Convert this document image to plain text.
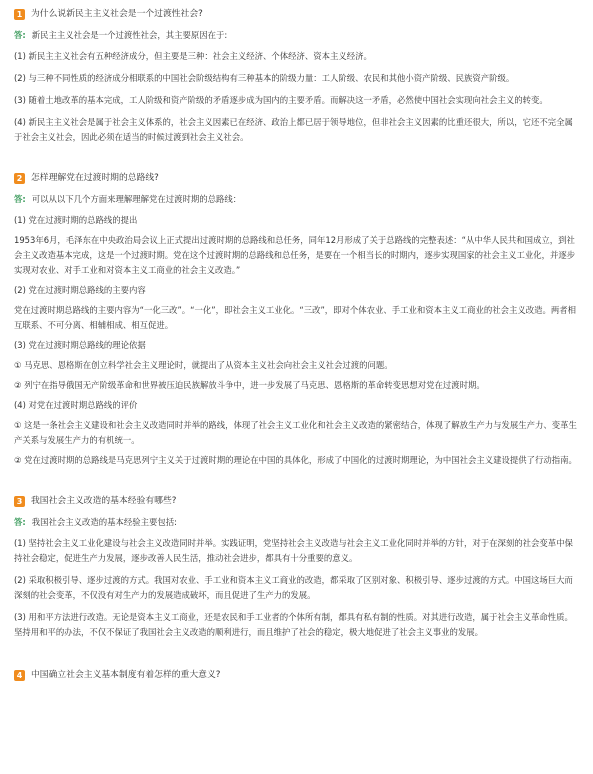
1 为什么说新民主主义社会是一个过渡性社会?
答: 新民主主义社会是一个过渡性社会，其主要原因在于:
(1) 新民主主义社会有五种经济成分，但主要是三种：社会主义经济、个体经济、资本主义经济。
(2) 与三种不同性质的经济成分相联系的中国社会阶级结构有三种基本的阶级力量：工人阶级、农民和其他小资产阶级、民族资产阶级。
(3) 随着土地改革的基本完成，工人阶级和资产阶级的矛盾逐步成为国内的主要矛盾。而解决这一矛盾，必然使中国社会实现向社会主义的转变。
(4) 新民主主义社会是属于社会主义体系的，社会主义因素已在经济、政治上都已居于领导地位，但非社会主义因素的比重还很大，所以，它还不完全属于社会主义社会，因此必须在适当的时候过渡到社会主义社会。
2 怎样理解党在过渡时期的总路线?
答: 可以从以下几个方面来理解理解党在过渡时期的总路线：
(1) 党在过渡时期的总路线的提出
1953年6月，毛泽东在中央政治局会议上正式提出过渡时期的总路线和总任务，同年12月形成了关于总路线的完整表述：“从中华人民共和国成立，到社会主义改造基本完成，这是一个过渡时期。党在这个过渡时期的总路线和总任务，是要在一个相当长的时期内，逐步实现国家的社会主义工业化，并逐步实现对农业、对手工业和对资本主义工商业的社会主义改造。”
(2) 党在过渡时期总路线的主要内容
党在过渡时期总路线的主要内容为“一化三改”。“一化”，即社会主义工业化。“三改”，即对个体农业、手工业和资本主义工商业的社会主义改造。两者相互联系、不可分离、相辅相成、相互促进。
(3) 党在过渡时期总路线的理论依据
① 马克思、恩格斯在创立科学社会主义理论时，就提出了从资本主义社会向社会主义社会过渡的问题。
② 列宁在指导俄国无产阶级革命和世界被压迫民族解放斗争中，进一步发展了马克思、恩格斯的革命转变思想对党在过渡时期。
(4) 对党在过渡时期总路线的评价
① 这是一条社会主义建设和社会主义改造同时并举的路线，体现了社会主义工业化和社会主义改造的紧密结合，体现了解放生产力与发展生产力、变革生产关系与发展生产力的有机统一。
② 党在过渡时期的总路线是马克思列宁主义关于过渡时期的理论在中国的具体化，形成了中国化的过渡时期理论，为中国社会主义建设提供了行动指南。
3 我国社会主义改造的基本经验有哪些?
答: 我国社会主义改造的基本经验主要包括:
(1) 坚持社会主义工业化建设与社会主义改造同时并举。实践证明，党坚持社会主义改造与社会主义工业化同时并举的方针，对于在深刻的社会变革中保持社会稳定，促进生产力发展，逐步改善人民生活，推动社会进步，都具有十分重要的意义。
(2) 采取积极引导、逐步过渡的方式。我国对农业、手工业和资本主义工商业的改造，都采取了区别对象、积极引导、逐步过渡的方式。中国这场巨大而深刻的社会变革，不仅没有对生产力的发展造成破坏，而且促进了生产力的发展。
(3) 用和平方法进行改造。无论是资本主义工商业，还是农民和手工业者的个体所有制，都具有私有制的性质。对其进行改造，属于社会主义革命性质。坚持用和平的办法，不仅不保证了我国社会主义改造的顺利进行，而且维护了社会的稳定，极大地促进了社会主义事业的发展。
4 中国确立社会主义基本制度有着怎样的重大意义?
